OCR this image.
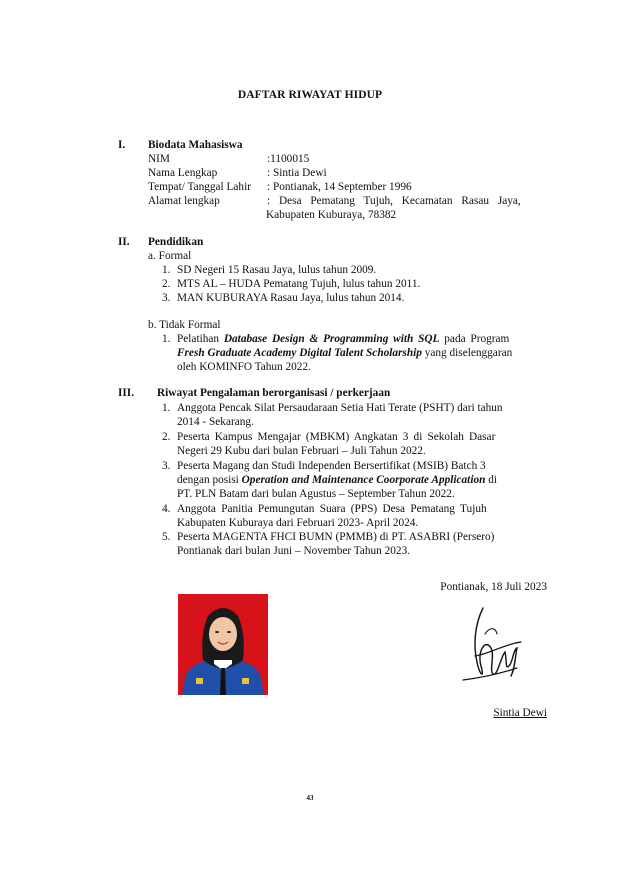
DAFTAR RIWAYAT HIDUP
I. Biodata Mahasiswa
NIM	:1100015
Nama Lengkap	: Sintia Dewi
Tempat/ Tanggal Lahir : Pontianak, 14 September 1996
Alamat lengkap	: Desa Pematang Tujuh, Kecamatan Rasau Jaya,
Kabupaten Kuburaya, 78382
II. Pendidikan
a. Formal
1. SD Negeri 15 Rasau Jaya, lulus tahun 2009.
2. MTS AL – HUDA Pematang Tujuh, lulus tahun 2011.
3. MAN KUBURAYA Rasau Jaya, lulus tahun 2014.
b. Tidak Formal
1. Pelatihan Database Design & Programming with SQL pada Program
Fresh Graduate Academy Digital Talent Scholarship yang diselenggaran
oleh KOMINFO Tahun 2022.
III. Riwayat Pengalaman berorganisasi / perkerjaan
1. Anggota Pencak Silat Persaudaraan Setia Hati Terate (PSHT) dari tahun
2014 - Sekarang.
2. Peserta Kampus Mengajar (MBKM) Angkatan 3 di Sekolah Dasar
Negeri 29 Kubu dari bulan Februari – Juli Tahun 2022.
3. Peserta Magang dan Studi Independen Bersertifikat (MSIB) Batch 3
dengan posisi Operation and Maintenance Coorporate Application di
PT. PLN Batam dari bulan Agustus – September Tahun 2022.
4. Anggota Panitia Pemungutan Suara (PPS) Desa Pematang Tujuh
Kabupaten Kuburaya dari Februari 2023- April 2024.
5. Peserta MAGENTA FHCI BUMN (PMMB) di PT. ASABRI (Persero)
Pontianak dari bulan Juni – November Tahun 2023.
Pontianak, 18 Juli 2023
Sintia Dewi
43
